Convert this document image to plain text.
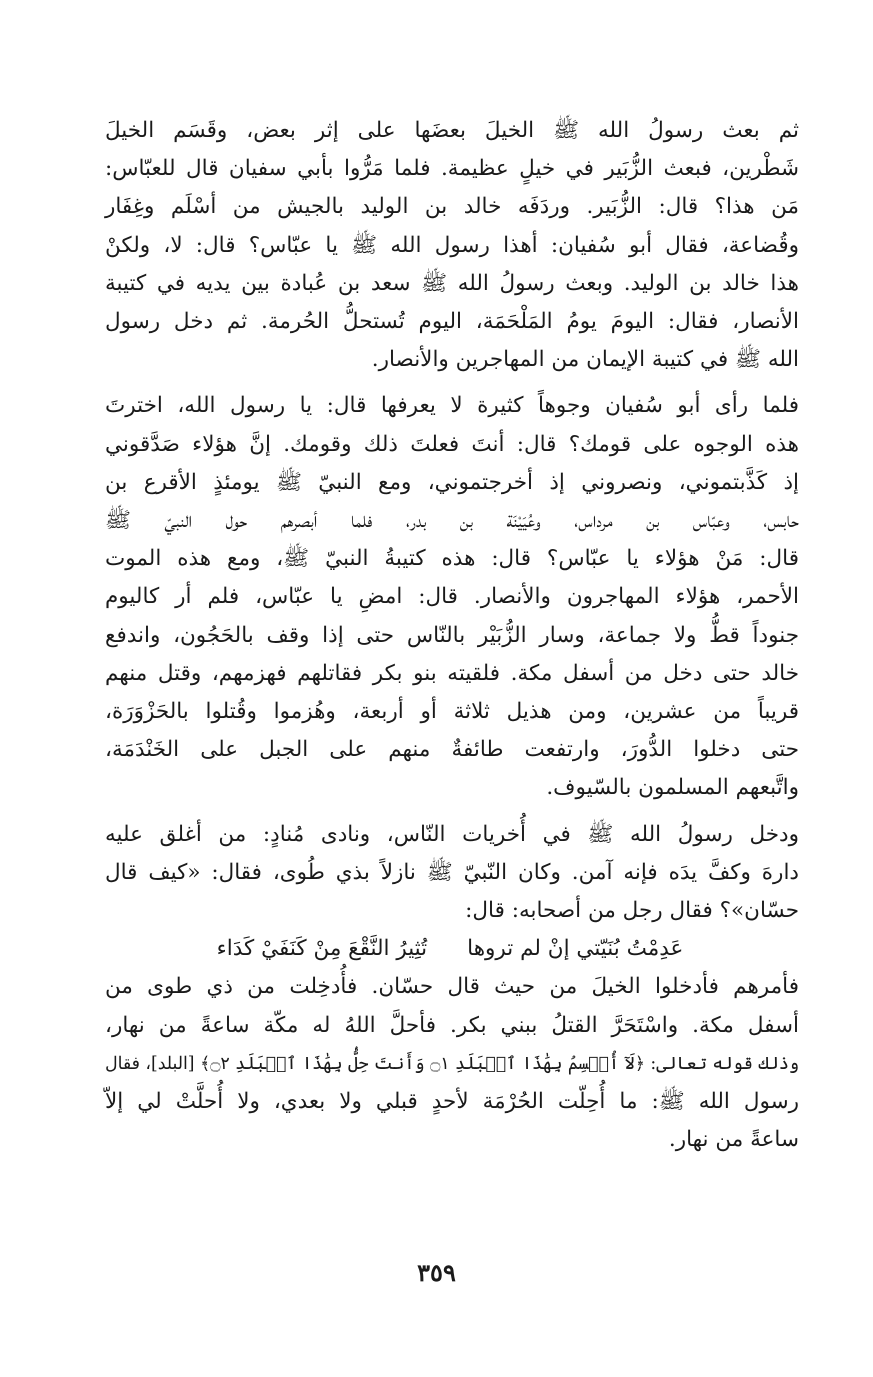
ثم بعث رسولُ الله ﷺ الخيلَ بعضَها على إثر بعض، وقَسَم الخيلَ
شَطْرين، فبعث الزُّبَير في خيلٍ عظيمة. فلما مَرُّوا بأبي سفيان قال للعبّاس:
مَن هذا؟ قال: الزُّبَير. وردَفَه خالد بن الوليد بالجيش من أسْلَم وغِفَار
وقُضاعة، فقال أبو سُفيان: أهذا رسول الله ﷺ يا عبّاس؟ قال: لا، ولكنْ
هذا خالد بن الوليد. وبعث رسولُ الله ﷺ سعد بن عُبادة بين يديه في كتيبة
الأنصار، فقال: اليومَ يومُ المَلْحَمَة، اليوم تُستحلُّ الحُرمة. ثم دخل رسول
الله ﷺ في كتيبة الإيمان من المهاجرين والأنصار.
فلما رأى أبو سُفيان وجوهاً كثيرة لا يعرفها قال: يا رسول الله، اخترتَ
هذه الوجوه على قومك؟ قال: أنتَ فعلتَ ذلك وقومك. إنَّ هؤلاء صَدَّقوني
إذ كَذَّبتموني، ونصروني إذ أخرجتموني، ومع النبيّ ﷺ يومئذٍ الأقرع بن
حابس، وعبّاس بن مرداس، وعُيَيْنَة بن بدر، فلما أبصرهم حول النبيّ ﷺ
قال: مَنْ هؤلاء يا عبّاس؟ قال: هذه كتيبةُ النبيّ ﷺ، ومع هذه الموت
الأحمر، هؤلاء المهاجرون والأنصار. قال: امضِ يا عبّاس، فلم أر كاليوم
جنوداً قطُّ ولا جماعة، وسار الزُّبَيْر بالنّاس حتى إذا وقف بالحَجُون، واندفع
خالد حتى دخل من أسفل مكة. فلقيته بنو بكر فقاتلهم فهزمهم، وقتل منهم
قريباً من عشرين، ومن هذيل ثلاثة أو أربعة، وهُزموا وقُتلوا بالحَزْوَرَة،
حتى دخلوا الدُّورَ، وارتفعت طائفةٌ منهم على الجبل على الخَنْدَمَة،
واتَّبعهم المسلمون بالسّيوف.
ودخل رسولُ الله ﷺ في أُخريات النّاس، ونادى مُنادٍ: من أغلق عليه
دارهَ وكفَّ يدَه فإنه آمن. وكان النّبيّ ﷺ نازلاً بذي طُوى، فقال: «كيف قال
حسّان»؟ فقال رجل من أصحابه: قال:
عَدِمْتُ بُنَيّتي إنْ لم تروها
تُثِيرُ النَّقْعَ مِنْ كَنَفَيْ كَدَاء
فأمرهم فأدخلوا الخيلَ من حيث قال حسّان. فأُدخِلت من ذي طوى من
أسفل مكة. واسْتَحَرَّ القتلُ ببني بكر. فأحلَّ اللهُ له مكّة ساعةً من نهار،
وذلك قوله تعالى: ﴿لَآ أُقۡسِمُ بِهَٰذَا ٱلۡبَلَدِ ۝١ وَأَنتَ حِلُّۢ بِهَٰذَا ٱلۡبَلَدِ ۝٢﴾ [البلد]، فقال
رسول الله ﷺ: ما أُحِلّت الحُرْمَة لأحدٍ قبلي ولا بعدي، ولا أُحلَّتْ لي إلاّ
ساعةً من نهار.
٣٥٩
